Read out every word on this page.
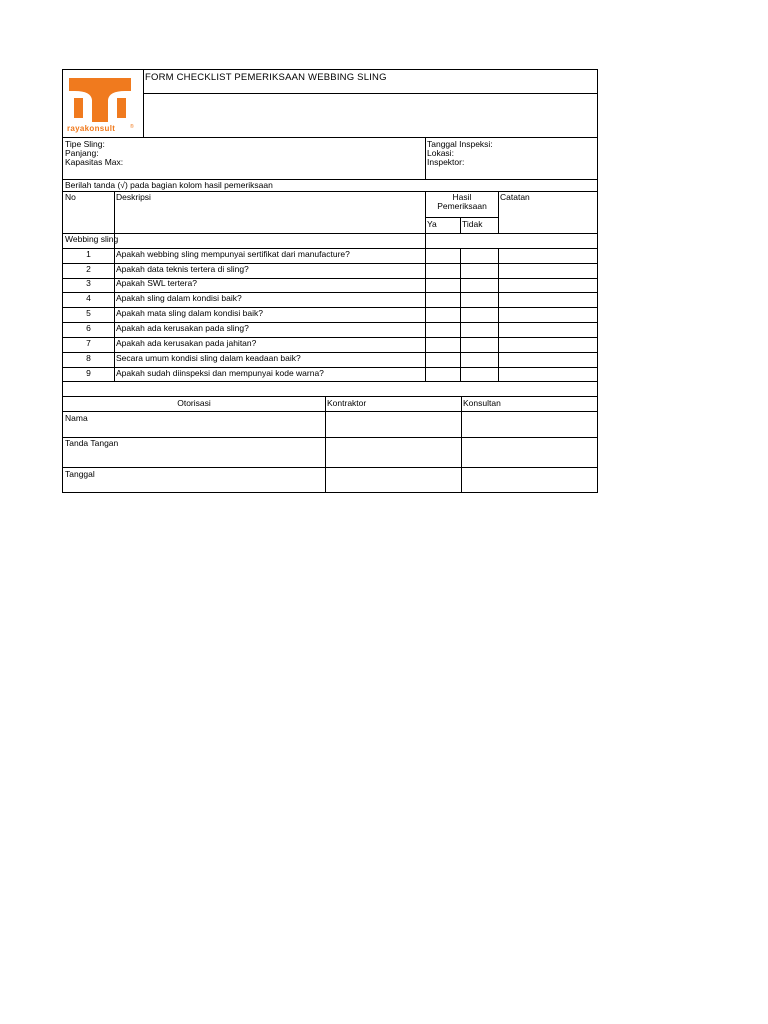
rayakonsult	®
FORM CHECKLIST PEMERIKSAAN WEBBING SLING
Tipe Sling:
Panjang:
Kapasitas Max:
Tanggal Inspeksi:
Lokasi:
Inspektor:
Berilah tanda (√) pada bagian kolom hasil pemeriksaan
No	Deskripsi	Hasil
Pemeriksaan
Catatan
Ya	Tidak
Webbing sling
1	Apakah webbing sling mempunyai sertifikat dari manufacture?
2	Apakah data teknis tertera di sling?
3	Apakah SWL tertera?
4	Apakah sling dalam kondisi baik?
5	Apakah mata sling dalam kondisi baik?
6	Apakah ada kerusakan pada sling?
7	Apakah ada kerusakan pada jahitan?
8	Secara umum kondisi sling dalam keadaan baik?
9	Apakah sudah diinspeksi dan mempunyai kode warna?
Otorisasi	Kontraktor	Konsultan
Nama
Tanda Tangan
Tanggal
